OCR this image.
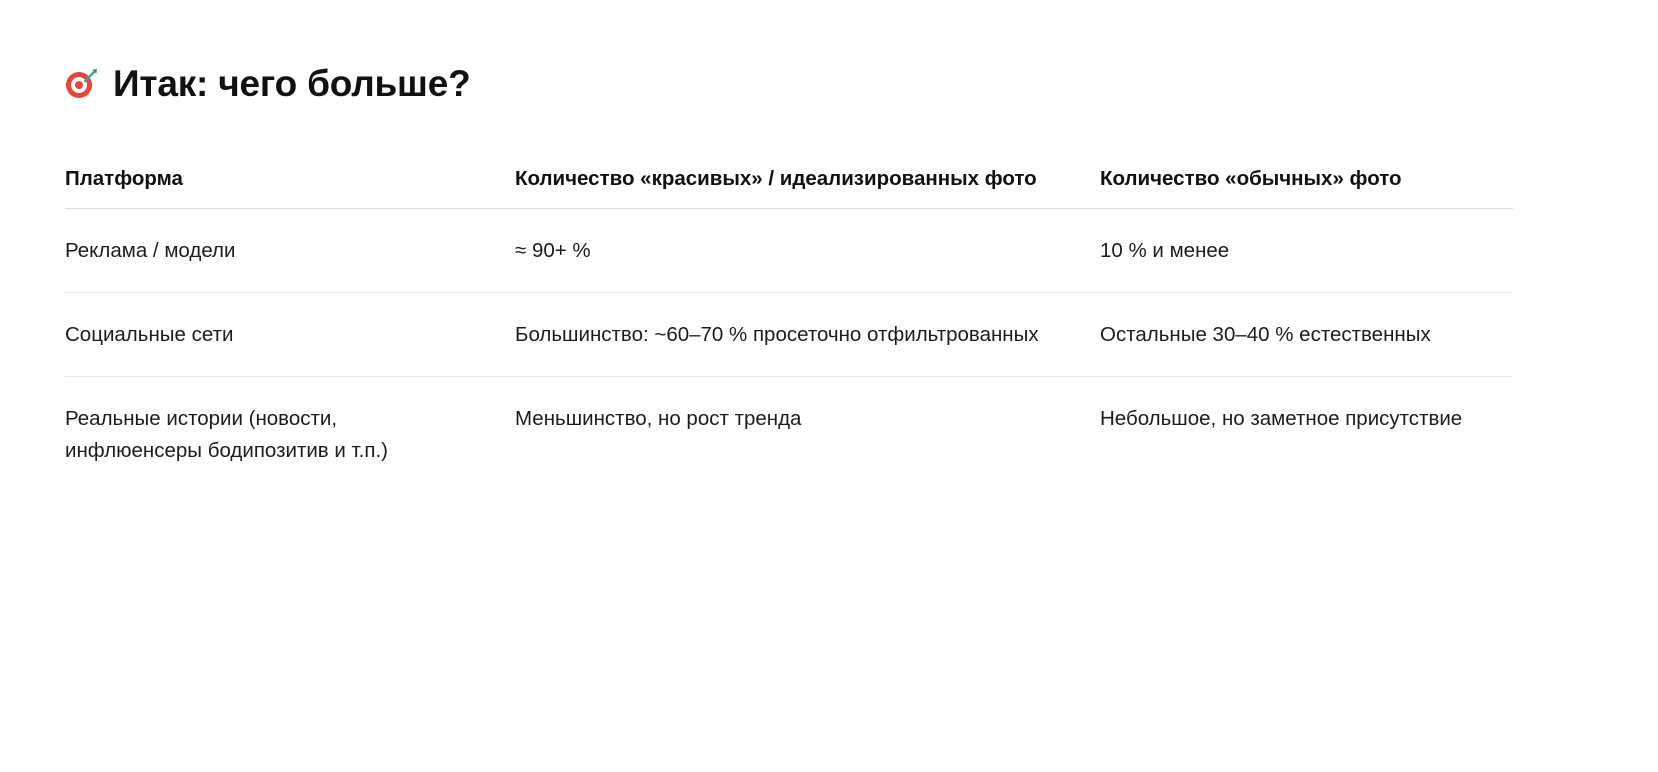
Итак: чего больше?
Платформа	Количество «красивых» / идеализированных фото	Количество «обычных» фото
Реклама / модели	≈ 90+ %	10 % и менее
Социальные сети	Большинство: ~60–70 % просеточно отфильтрованных	Остальные 30–40 % естественных
Реальные истории (новости, инфлюенсеры бодипозитив и т.п.)	Меньшинство, но рост тренда	Небольшое, но заметное присутствие
